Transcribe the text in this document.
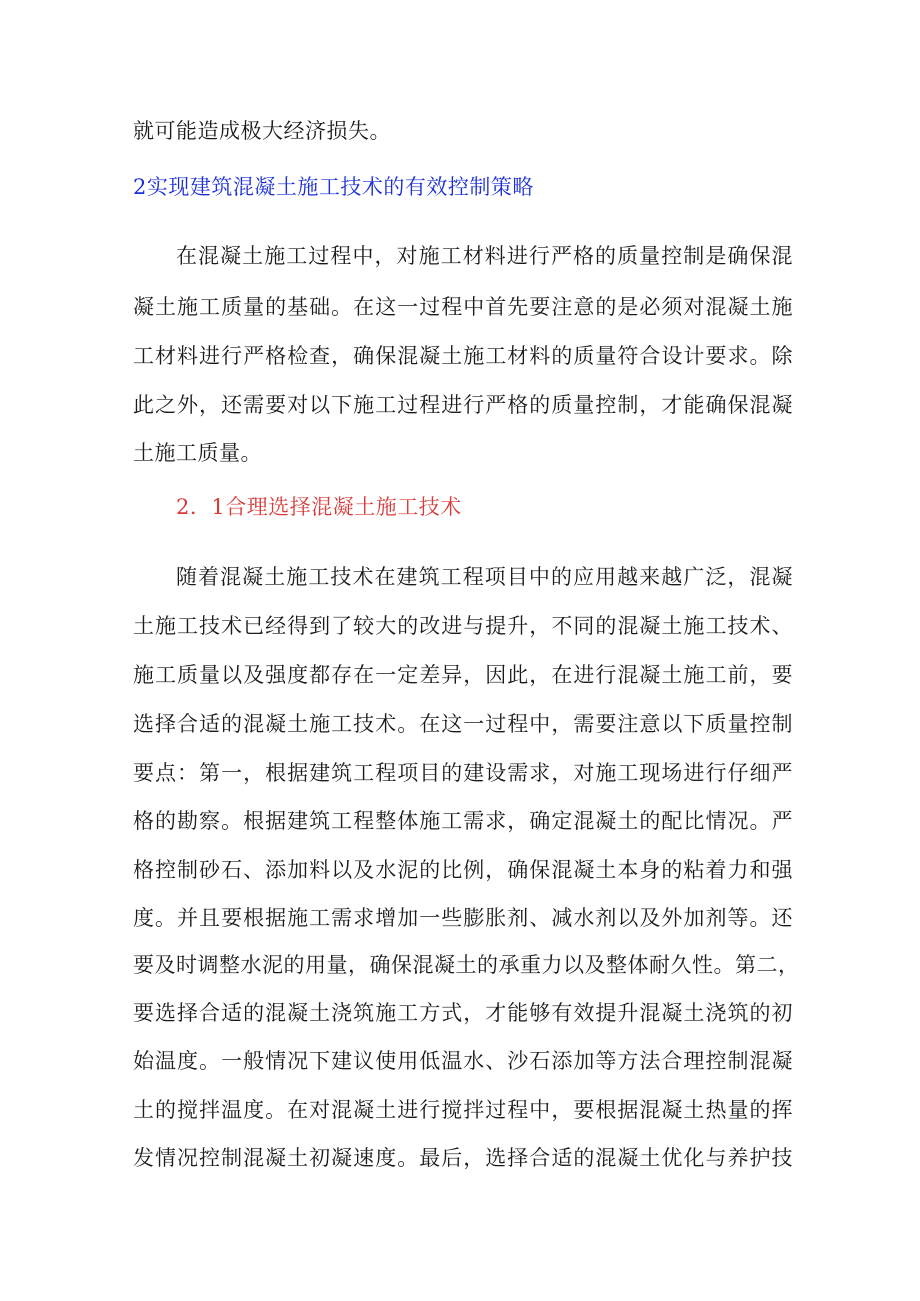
就可能造成极大经济损失。
2实现建筑混凝土施工技术的有效控制策略
在混凝土施工过程中，对施工材料进行严格的质量控制是确保混
凝土施工质量的基础。在这一过程中首先要注意的是必须对混凝土施
工材料进行严格检查，确保混凝土施工材料的质量符合设计要求。除
此之外，还需要对以下施工过程进行严格的质量控制，才能确保混凝
土施工质量。
2．1合理选择混凝土施工技术
随着混凝土施工技术在建筑工程项目中的应用越来越广泛，混凝
土施工技术已经得到了较大的改进与提升，不同的混凝土施工技术、
施工质量以及强度都存在一定差异，因此，在进行混凝土施工前，要
选择合适的混凝土施工技术。在这一过程中，需要注意以下质量控制
要点：第一，根据建筑工程项目的建设需求，对施工现场进行仔细严
格的勘察。根据建筑工程整体施工需求，确定混凝土的配比情况。严
格控制砂石、添加料以及水泥的比例，确保混凝土本身的粘着力和强
度。并且要根据施工需求增加一些膨胀剂、减水剂以及外加剂等。还
要及时调整水泥的用量，确保混凝土的承重力以及整体耐久性。第二，
要选择合适的混凝土浇筑施工方式，才能够有效提升混凝土浇筑的初
始温度。一般情况下建议使用低温水、沙石添加等方法合理控制混凝
土的搅拌温度。在对混凝土进行搅拌过程中，要根据混凝土热量的挥
发情况控制混凝土初凝速度。最后，选择合适的混凝土优化与养护技
